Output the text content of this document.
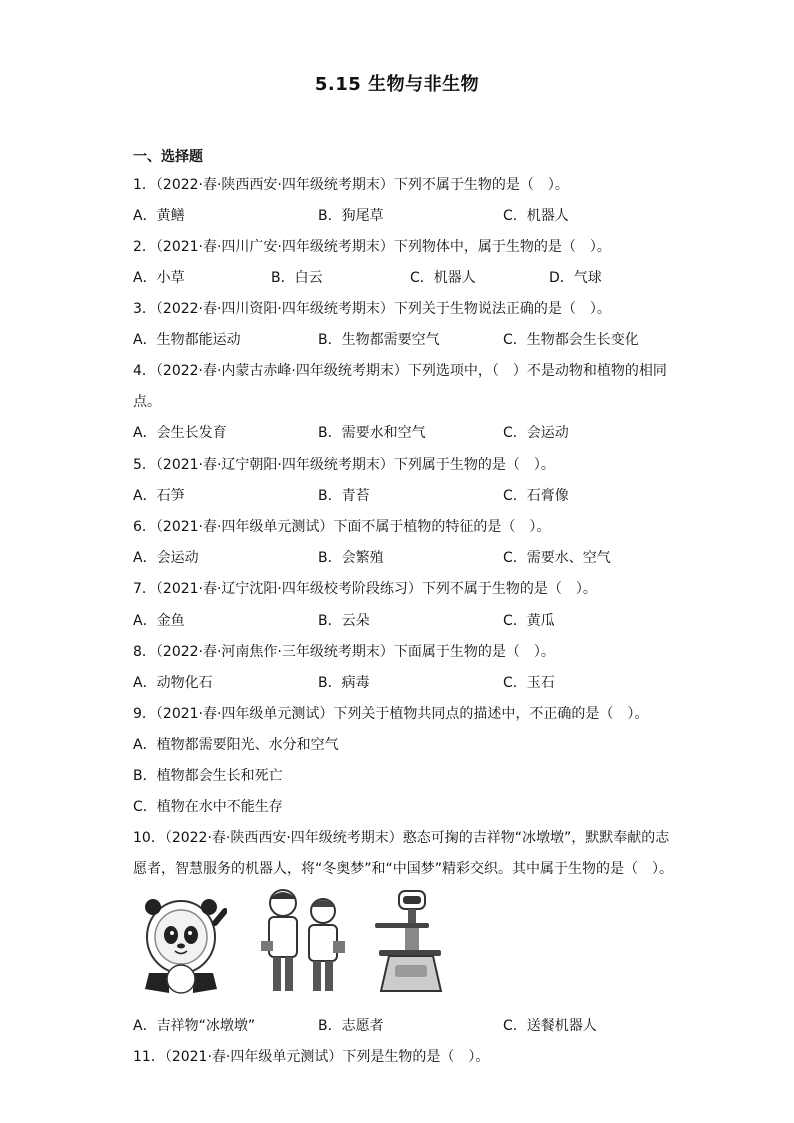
5.15 生物与非生物
一、选择题
1．（2022·春·陕西西安·四年级统考期末）下列不属于生物的是（　）。
A．黄鳝	B．狗尾草	C．机器人
2．（2021·春·四川广安·四年级统考期末）下列物体中，属于生物的是（　）。
A．小草	B．白云	C．机器人	D．气球
3．（2022·春·四川资阳·四年级统考期末）下列关于生物说法正确的是（　）。
A．生物都能运动	B．生物都需要空气	C．生物都会生长变化
4．（2022·春·内蒙古赤峰·四年级统考期末）下列选项中，（　）不是动物和植物的相同
点。
A．会生长发育	B．需要水和空气	C．会运动
5．（2021·春·辽宁朝阳·四年级统考期末）下列属于生物的是（　）。
A．石笋	B．青苔	C．石膏像
6．（2021·春·四年级单元测试）下面不属于植物的特征的是（　）。
A．会运动	B．会繁殖	C．需要水、空气
7．（2021·春·辽宁沈阳·四年级校考阶段练习）下列不属于生物的是（　）。
A．金鱼	B．云朵	C．黄瓜
8．（2022·春·河南焦作·三年级统考期末）下面属于生物的是（　）。
A．动物化石	B．病毒	C．玉石
9．（2021·春·四年级单元测试）下列关于植物共同点的描述中，不正确的是（　）。
A．植物都需要阳光、水分和空气
B．植物都会生长和死亡
C．植物在水中不能生存
10．（2022·春·陕西西安·四年级统考期末）憨态可掬的吉祥物“冰墩墩”，默默奉献的志
愿者，智慧服务的机器人，将“冬奥梦”和“中国梦”精彩交织。其中属于生物的是（　）。
A．吉祥物“冰墩墩”	B．志愿者	C．送餐机器人
11．（2021·春·四年级单元测试）下列是生物的是（　）。
